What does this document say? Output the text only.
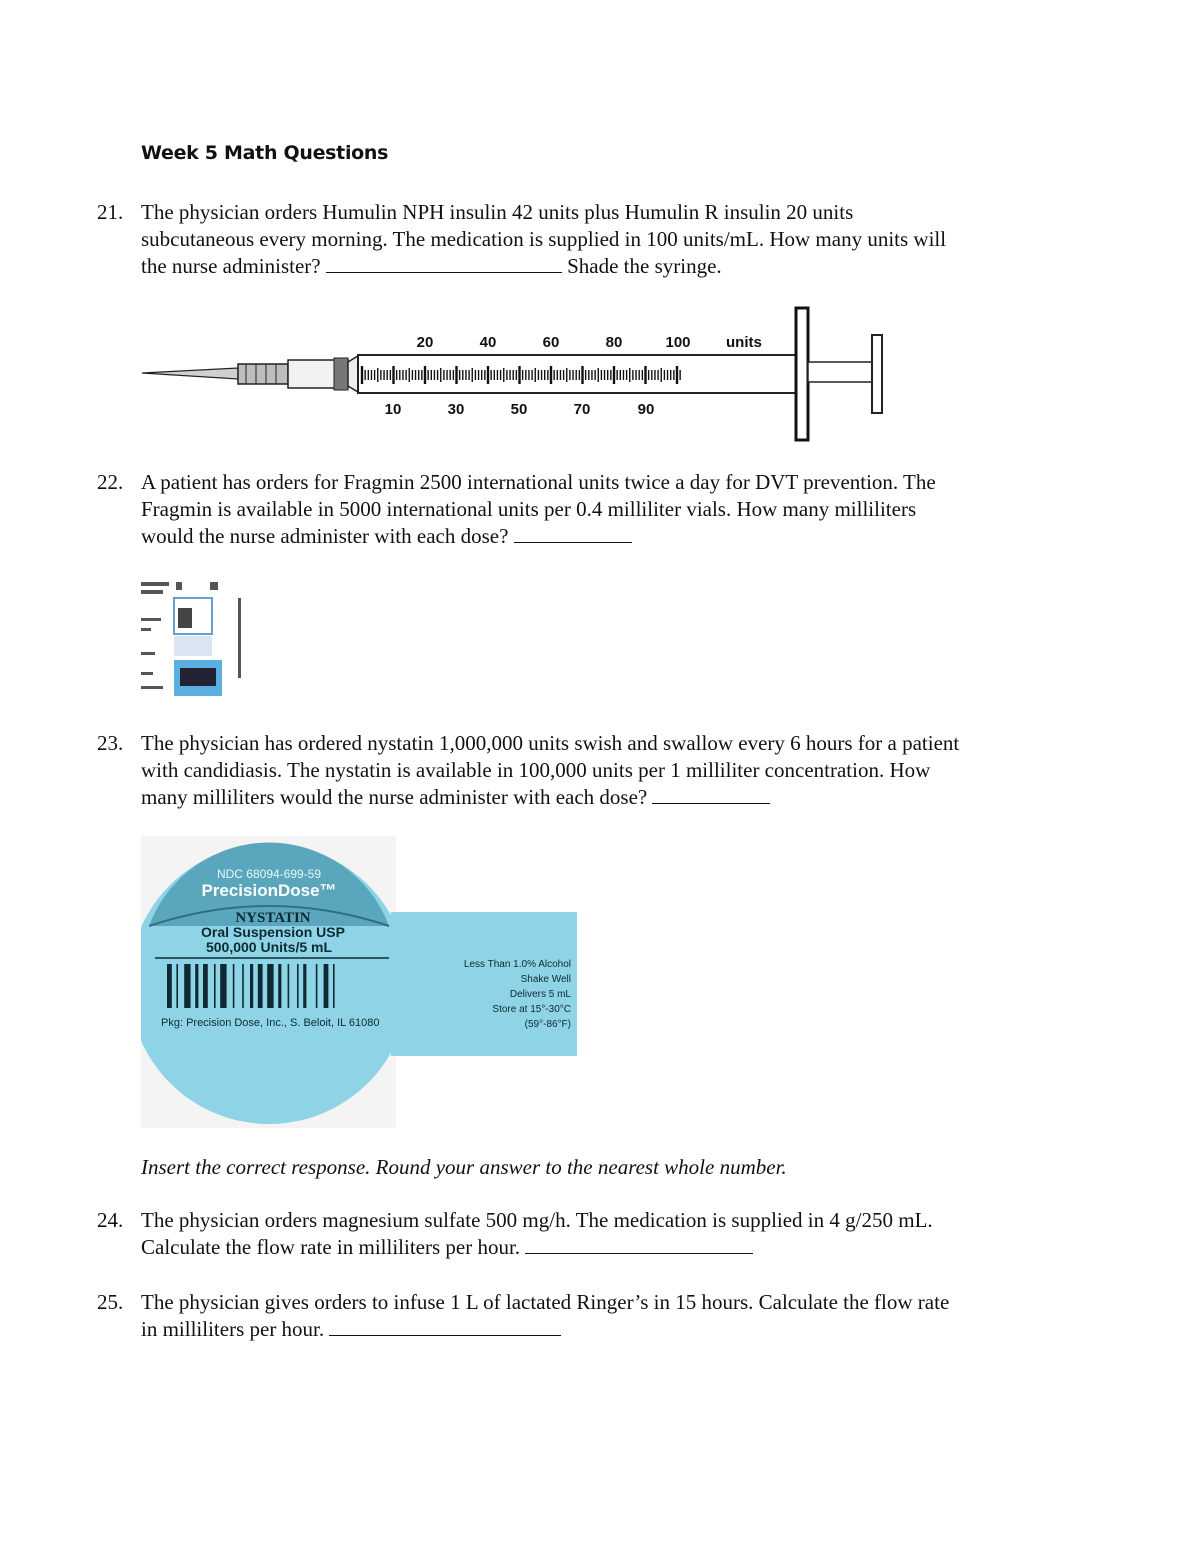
Week 5 Math Questions
21. The physician orders Humulin NPH insulin 42 units plus Humulin R insulin 20 units
subcutaneous every morning. The medication is supplied in 100 units/mL. How many units will
the nurse administer?	Shade the syringe.
20	40	60	80	100 units
10	30	50	70	90
22. A patient has orders for Fragmin 2500 international units twice a day for DVT prevention. The
Fragmin is available in 5000 international units per 0.4 milliliter vials. How many milliliters
would the nurse administer with each dose?
23. The physician has ordered nystatin 1,000,000 units swish and swallow every 6 hours for a patient
with candidiasis. The nystatin is available in 100,000 units per 1 milliliter concentration. How
many milliliters would the nurse administer with each dose?
NDC 68094-699-59
PrecisionDose™
NYSTATIN
Oral Suspension USP
500,000 Units/5 mL
Pkg: Precision Dose, Inc., S. Beloit, IL 61080
Less Than 1.0% Alcohol
Shake Well
Delivers 5 mL
Store at 15°-30°C
(59°-86°F)
Insert the correct response. Round your answer to the nearest whole number.
24. The physician orders magnesium sulfate 500 mg/h. The medication is supplied in 4 g/250 mL.
Calculate the flow rate in milliliters per hour.
25. The physician gives orders to infuse 1 L of lactated Ringer’s in 15 hours. Calculate the flow rate
in milliliters per hour.
